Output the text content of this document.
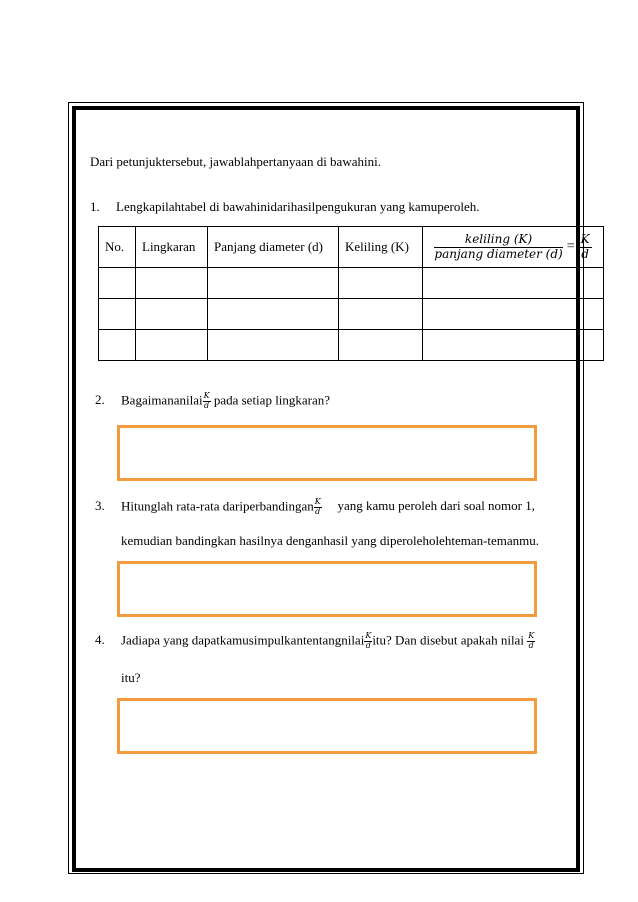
Dari petunjuktersebut, jawablahpertanyaan di bawahini.
1. Lengkapilahtabel di bawahinidarihasilpengukuran yang kamuperoleh.
No.	Lingkaran	Panjang diameter (d)	Keliling (K)	$\frac{\text{keliling (K)}}{\text{panjang diameter (d)}} = \frac{K}{d}$

2. Bagaimananilai $\frac{K}{d}$ pada setiap lingkaran?
3. Hitunglah rata-rata dariperbandingan $\frac{K}{d}$ yang kamu peroleh dari soal nomor 1,
kemudian bandingkan hasilnya denganhasil yang diperoleholehteman-temanmu.
4. Jadiapa yang dapatkamusimpulkantentangnilai $\frac{K}{d}$ itu? Dan disebut apakah nilai $\frac{K}{d}$
itu?
